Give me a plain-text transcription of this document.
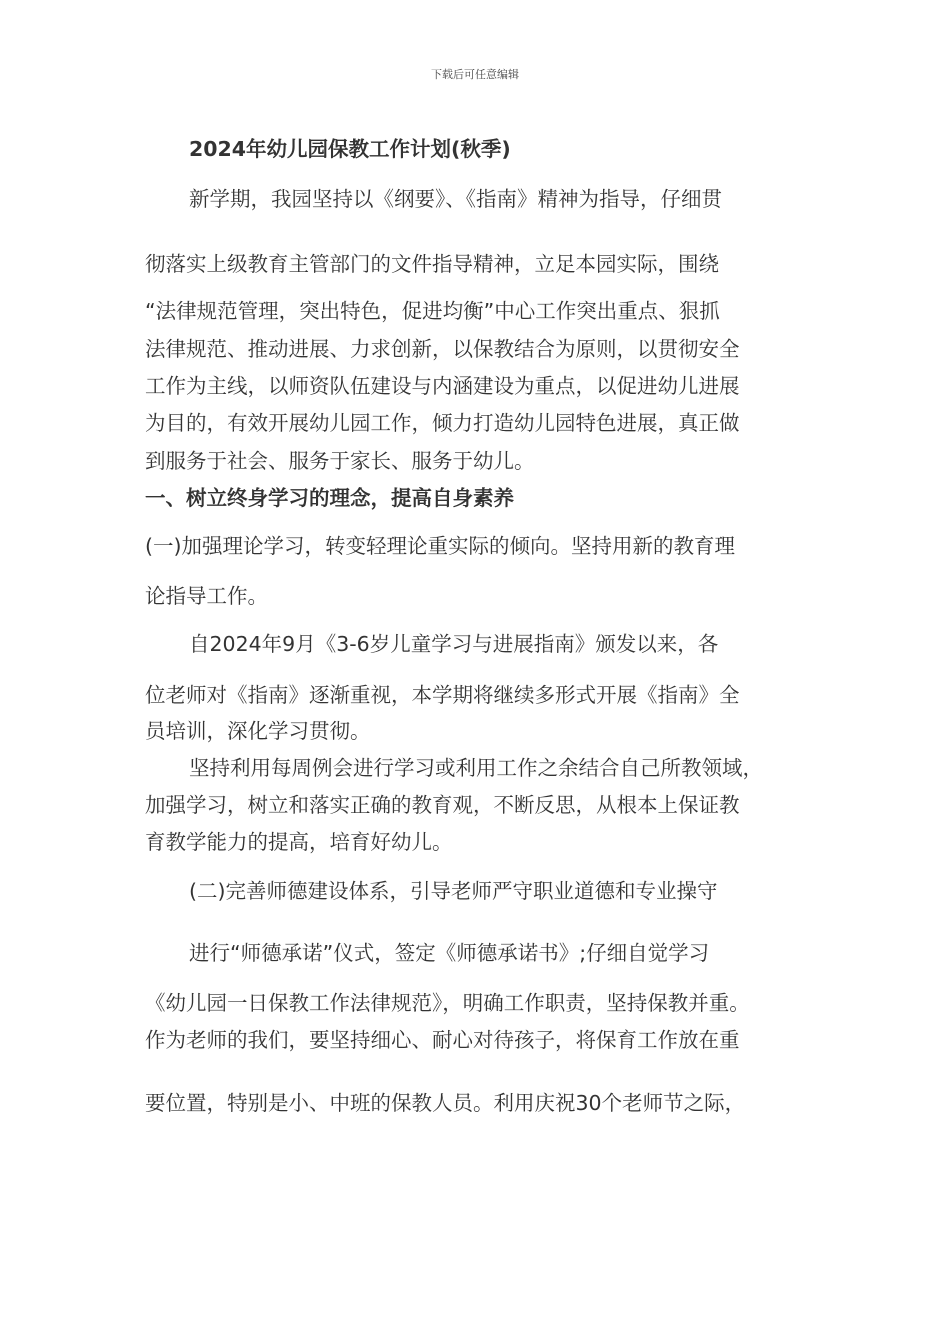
下载后可任意编辑
2024年幼儿园保教工作计划(秋季)
新学期，我园坚持以《纲要》、《指南》精神为指导，仔细贯
彻落实上级教育主管部门的文件指导精神，立足本园实际，围绕
“法律规范管理，突出特色，促进均衡”中心工作突出重点、狠抓
法律规范、推动进展、力求创新，以保教结合为原则，以贯彻安全
工作为主线，以师资队伍建设与内涵建设为重点，以促进幼儿进展
为目的，有效开展幼儿园工作，倾力打造幼儿园特色进展，真正做
到服务于社会、服务于家长、服务于幼儿。
一、树立终身学习的理念，提高自身素养
(一)加强理论学习，转变轻理论重实际的倾向。坚持用新的教育理
论指导工作。
自2024年9月《3-6岁儿童学习与进展指南》颁发以来，各
位老师对《指南》逐渐重视，本学期将继续多形式开展《指南》全
员培训，深化学习贯彻。
坚持利用每周例会进行学习或利用工作之余结合自己所教领域，
加强学习，树立和落实正确的教育观，不断反思，从根本上保证教
育教学能力的提高，培育好幼儿。
(二)完善师德建设体系，引导老师严守职业道德和专业操守
进行“师德承诺”仪式，签定《师德承诺书》;仔细自觉学习
《幼儿园一日保教工作法律规范》，明确工作职责，坚持保教并重。
作为老师的我们，要坚持细心、耐心对待孩子，将保育工作放在重
要位置，特别是小、中班的保教人员。利用庆祝30个老师节之际，
